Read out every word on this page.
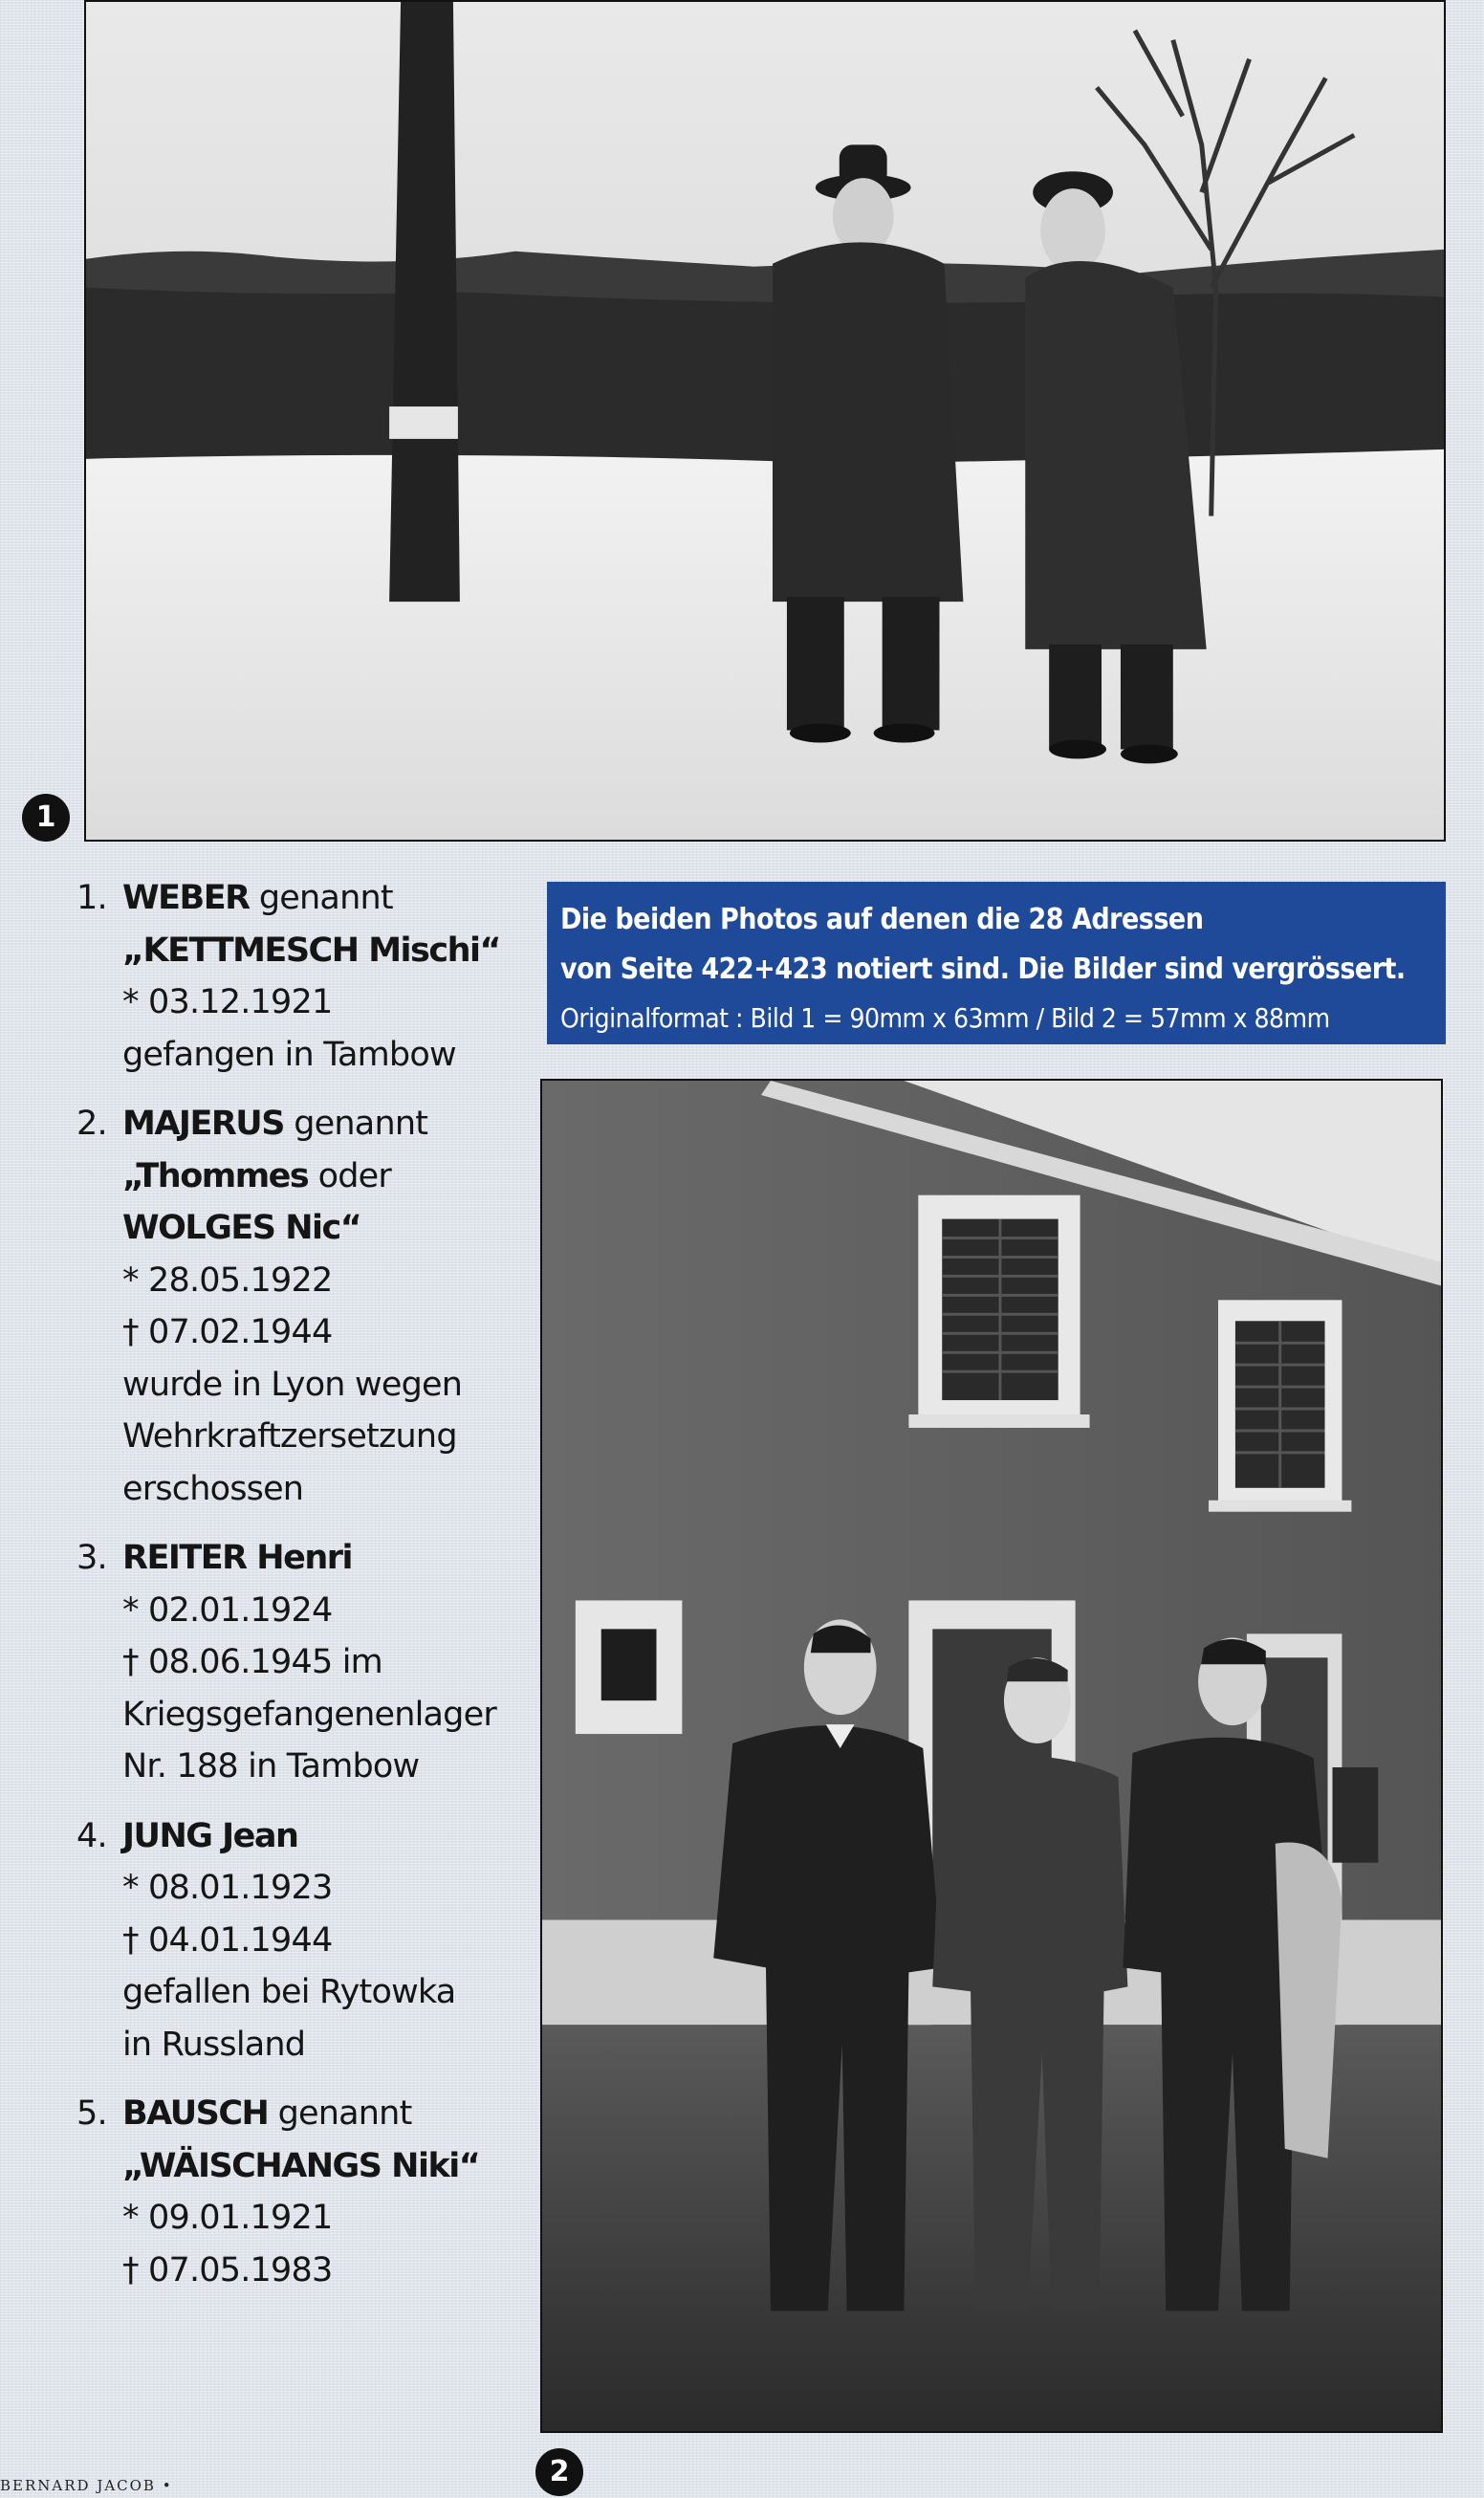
1
Die beiden Photos auf denen die 28 Adressen
von Seite 422+423 notiert sind. Die Bilder sind vergrössert.
Originalformat : Bild 1 = 90mm x 63mm / Bild 2 = 57mm x 88mm
1. WEBER genannt
„KETTMESCH Mischi“
* 03.12.1921
gefangen in Tambow
2. MAJERUS genannt
„Thommes oder
WOLGES Nic“
* 28.05.1922
† 07.02.1944
wurde in Lyon wegen
Wehrkraftzersetzung
erschossen
3. REITER Henri
* 02.01.1924
† 08.06.1945 im
Kriegsgefangenenlager
Nr. 188 in Tambow
4. JUNG Jean
* 08.01.1923
† 04.01.1944
gefallen bei Rytowka
in Russland
5. BAUSCH genannt
„WÄISCHANGS Niki“
* 09.01.1921
† 07.05.1983
2
BERNARD JACOB •
